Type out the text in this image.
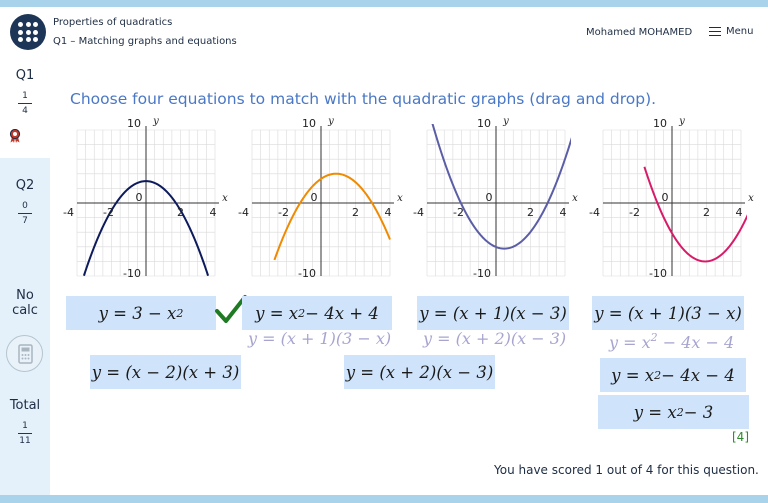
Properties of quadratics
Q1 – Matching graphs and equations
Mohamed MOHAMED	Menu
Q1
$\frac{1}{4}$
Q2
$\frac{0}{7}$
No
calc
Total
$\frac{1}{11}$
Choose four equations to match with the quadratic graphs (drag and drop).
10 y
-10
x
-4	-2
0
2 4
10 y
-10
x
-4	-2
0
2 4
10 y
-10
x
-4	-2
0
2 4
10 y
-10
x
-4	-2
0
2 4
y = 3 − x 2	y = x 2 − 4x + 4 y = (x + 1)(x − 3) y = (x + 1)(3 − x)
y = (x + 1)(3 − x) y = (x + 2)(x − 3)	$y = x^2 - 4x - 4$
y = (x − 2)(x + 3)	y = (x + 2)(x − 3)	y = x 2 − 4x − 4
y = x 2 − 3
[4]
You have scored 1 out of 4 for this question.
